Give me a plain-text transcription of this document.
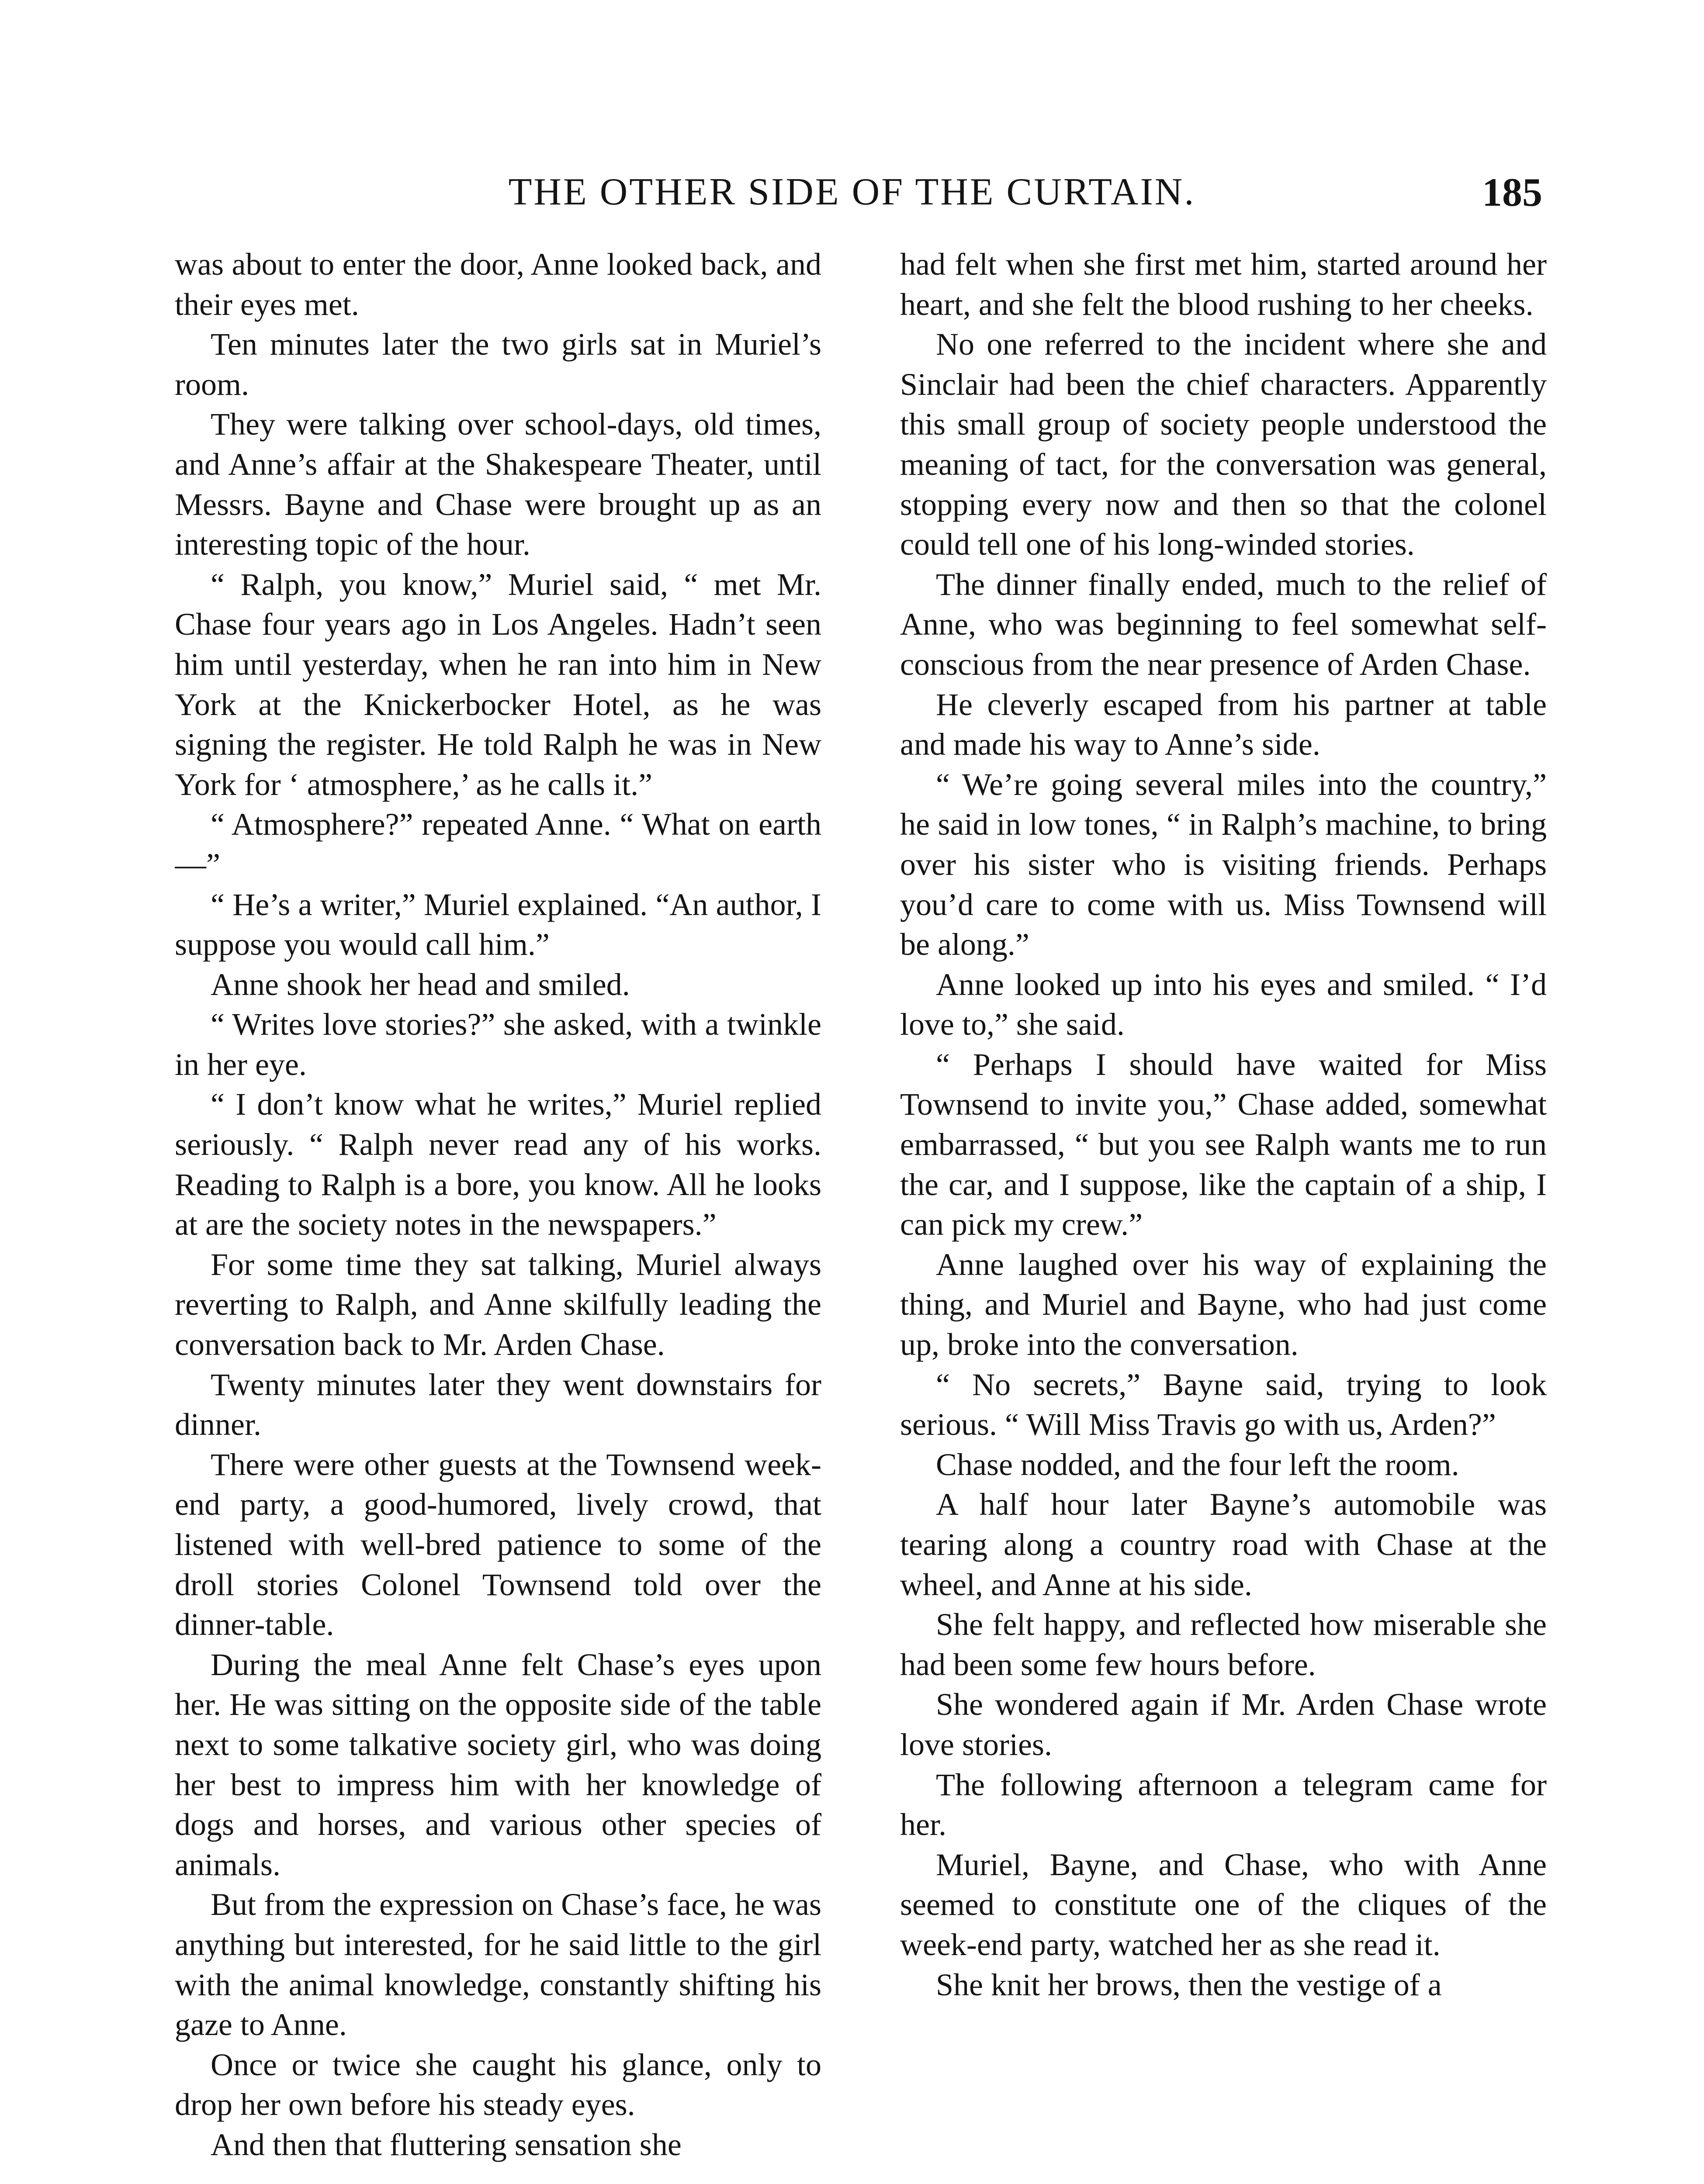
THE OTHER SIDE OF THE CURTAIN.	185

was about to enter the door, Anne looked back, and their eyes met.

Ten minutes later the two girls sat in Muriel’s room.

They were talking over school-days, old times, and Anne’s affair at the Shakespeare Theater, until Messrs. Bayne and Chase were brought up as an interesting topic of the hour.

“ Ralph, you know,” Muriel said, “ met Mr. Chase four years ago in Los Angeles. Hadn’t seen him until yesterday, when he ran into him in New York at the Knickerbocker Hotel, as he was signing the register. He told Ralph he was in New York for ‘ atmosphere,’ as he calls it.”

“ Atmosphere?” repeated Anne. “ What on earth—”

“ He’s a writer,” Muriel explained. “An author, I suppose you would call him.”

Anne shook her head and smiled.

“ Writes love stories?” she asked, with a twinkle in her eye.

“ I don’t know what he writes,” Muriel replied seriously. “ Ralph never read any of his works. Reading to Ralph is a bore, you know. All he looks at are the society notes in the newspapers.”

For some time they sat talking, Muriel always reverting to Ralph, and Anne skilfully leading the conversation back to Mr. Arden Chase.

Twenty minutes later they went downstairs for dinner.

There were other guests at the Townsend week-end party, a good-humored, lively crowd, that listened with well-bred patience to some of the droll stories Colonel Townsend told over the dinner-table.

During the meal Anne felt Chase’s eyes upon her. He was sitting on the opposite side of the table next to some talkative society girl, who was doing her best to impress him with her knowledge of dogs and horses, and various other species of animals.

But from the expression on Chase’s face, he was anything but interested, for he said little to the girl with the animal knowledge, constantly shifting his gaze to Anne.

Once or twice she caught his glance, only to drop her own before his steady eyes.

And then that fluttering sensation she

had felt when she first met him, started around her heart, and she felt the blood rushing to her cheeks.

No one referred to the incident where she and Sinclair had been the chief characters. Apparently this small group of society people understood the meaning of tact, for the conversation was general, stopping every now and then so that the colonel could tell one of his long-winded stories.

The dinner finally ended, much to the relief of Anne, who was beginning to feel somewhat self-conscious from the near presence of Arden Chase.

He cleverly escaped from his partner at table and made his way to Anne’s side.

“ We’re going several miles into the country,” he said in low tones, “ in Ralph’s machine, to bring over his sister who is visiting friends. Perhaps you’d care to come with us. Miss Townsend will be along.”

Anne looked up into his eyes and smiled. “ I’d love to,” she said.

“ Perhaps I should have waited for Miss Townsend to invite you,” Chase added, somewhat embarrassed, “ but you see Ralph wants me to run the car, and I suppose, like the captain of a ship, I can pick my crew.”

Anne laughed over his way of explaining the thing, and Muriel and Bayne, who had just come up, broke into the conversation.

“ No secrets,” Bayne said, trying to look serious. “ Will Miss Travis go with us, Arden?”

Chase nodded, and the four left the room.

A half hour later Bayne’s automobile was tearing along a country road with Chase at the wheel, and Anne at his side.

She felt happy, and reflected how miserable she had been some few hours before.

She wondered again if Mr. Arden Chase wrote love stories.

The following afternoon a telegram came for her.

Muriel, Bayne, and Chase, who with Anne seemed to constitute one of the cliques of the week-end party, watched her as she read it.

She knit her brows, then the vestige of a
